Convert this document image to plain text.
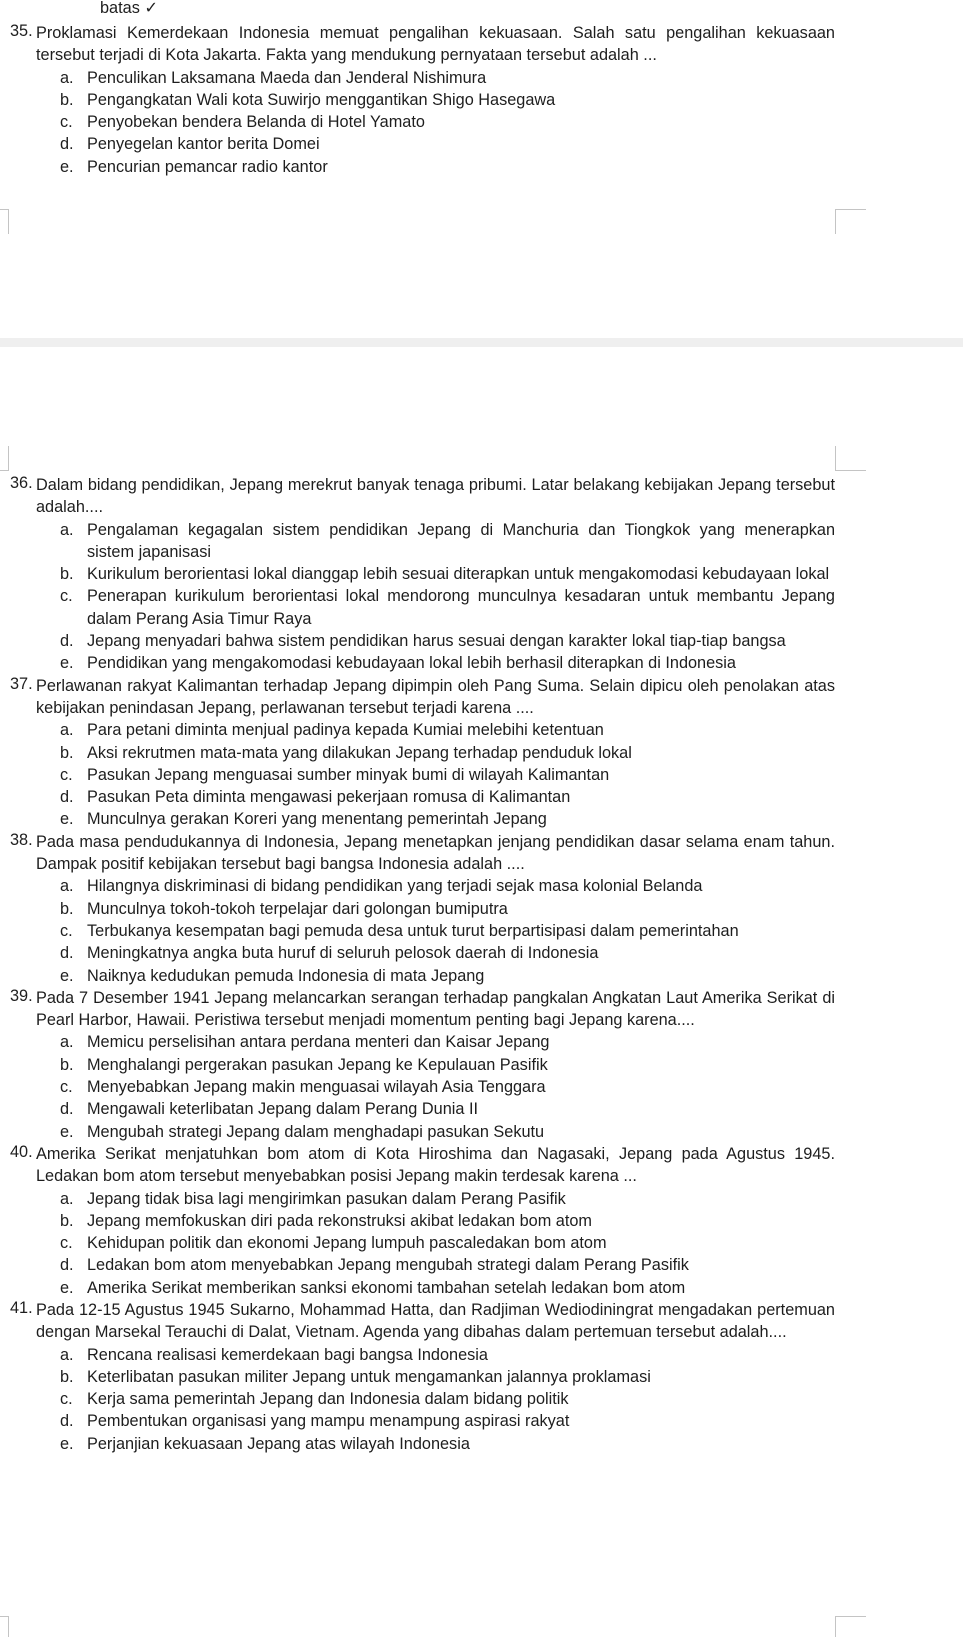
batas ✓
35. Proklamasi Kemerdekaan Indonesia memuat pengalihan kekuasaan. Salah satu pengalihan kekuasaan tersebut terjadi di Kota Jakarta. Fakta yang mendukung pernyataan tersebut adalah ...
a. Penculikan Laksamana Maeda dan Jenderal Nishimura
b. Pengangkatan Wali kota Suwirjo menggantikan Shigo Hasegawa
c. Penyobekan bendera Belanda di Hotel Yamato
d. Penyegelan kantor berita Domei
e. Pencurian pemancar radio kantor
36. Dalam bidang pendidikan, Jepang merekrut banyak tenaga pribumi. Latar belakang kebijakan Jepang tersebut adalah....
a. Pengalaman kegagalan sistem pendidikan Jepang di Manchuria dan Tiongkok yang menerapkan sistem japanisasi
b. Kurikulum berorientasi lokal dianggap lebih sesuai diterapkan untuk mengakomodasi kebudayaan lokal
c. Penerapan kurikulum berorientasi lokal mendorong munculnya kesadaran untuk membantu Jepang dalam Perang Asia Timur Raya
d. Jepang menyadari bahwa sistem pendidikan harus sesuai dengan karakter lokal tiap-tiap bangsa
e. Pendidikan yang mengakomodasi kebudayaan lokal lebih berhasil diterapkan di Indonesia
37. Perlawanan rakyat Kalimantan terhadap Jepang dipimpin oleh Pang Suma. Selain dipicu oleh penolakan atas kebijakan penindasan Jepang, perlawanan tersebut terjadi karena ....
a. Para petani diminta menjual padinya kepada Kumiai melebihi ketentuan
b. Aksi rekrutmen mata-mata yang dilakukan Jepang terhadap penduduk lokal
c. Pasukan Jepang menguasai sumber minyak bumi di wilayah Kalimantan
d. Pasukan Peta diminta mengawasi pekerjaan romusa di Kalimantan
e. Munculnya gerakan Koreri yang menentang pemerintah Jepang
38. Pada masa pendudukannya di Indonesia, Jepang menetapkan jenjang pendidikan dasar selama enam tahun. Dampak positif kebijakan tersebut bagi bangsa Indonesia adalah ....
a. Hilangnya diskriminasi di bidang pendidikan yang terjadi sejak masa kolonial Belanda
b. Munculnya tokoh-tokoh terpelajar dari golongan bumiputra
c. Terbukanya kesempatan bagi pemuda desa untuk turut berpartisipasi dalam pemerintahan
d. Meningkatnya angka buta huruf di seluruh pelosok daerah di Indonesia
e. Naiknya kedudukan pemuda Indonesia di mata Jepang
39. Pada 7 Desember 1941 Jepang melancarkan serangan terhadap pangkalan Angkatan Laut Amerika Serikat di Pearl Harbor, Hawaii. Peristiwa tersebut menjadi momentum penting bagi Jepang karena....
a. Memicu perselisihan antara perdana menteri dan Kaisar Jepang
b. Menghalangi pergerakan pasukan Jepang ke Kepulauan Pasifik
c. Menyebabkan Jepang makin menguasai wilayah Asia Tenggara
d. Mengawali keterlibatan Jepang dalam Perang Dunia II
e. Mengubah strategi Jepang dalam menghadapi pasukan Sekutu
40. Amerika Serikat menjatuhkan bom atom di Kota Hiroshima dan Nagasaki, Jepang pada Agustus 1945. Ledakan bom atom tersebut menyebabkan posisi Jepang makin terdesak karena ...
a. Jepang tidak bisa lagi mengirimkan pasukan dalam Perang Pasifik
b. Jepang memfokuskan diri pada rekonstruksi akibat ledakan bom atom
c. Kehidupan politik dan ekonomi Jepang lumpuh pascaledakan bom atom
d. Ledakan bom atom menyebabkan Jepang mengubah strategi dalam Perang Pasifik
e. Amerika Serikat memberikan sanksi ekonomi tambahan setelah ledakan bom atom
41. Pada 12-15 Agustus 1945 Sukarno, Mohammad Hatta, dan Radjiman Wediodiningrat mengadakan pertemuan dengan Marsekal Terauchi di Dalat, Vietnam. Agenda yang dibahas dalam pertemuan tersebut adalah....
a. Rencana realisasi kemerdekaan bagi bangsa Indonesia
b. Keterlibatan pasukan militer Jepang untuk mengamankan jalannya proklamasi
c. Kerja sama pemerintah Jepang dan Indonesia dalam bidang politik
d. Pembentukan organisasi yang mampu menampung aspirasi rakyat
e. Perjanjian kekuasaan Jepang atas wilayah Indonesia
